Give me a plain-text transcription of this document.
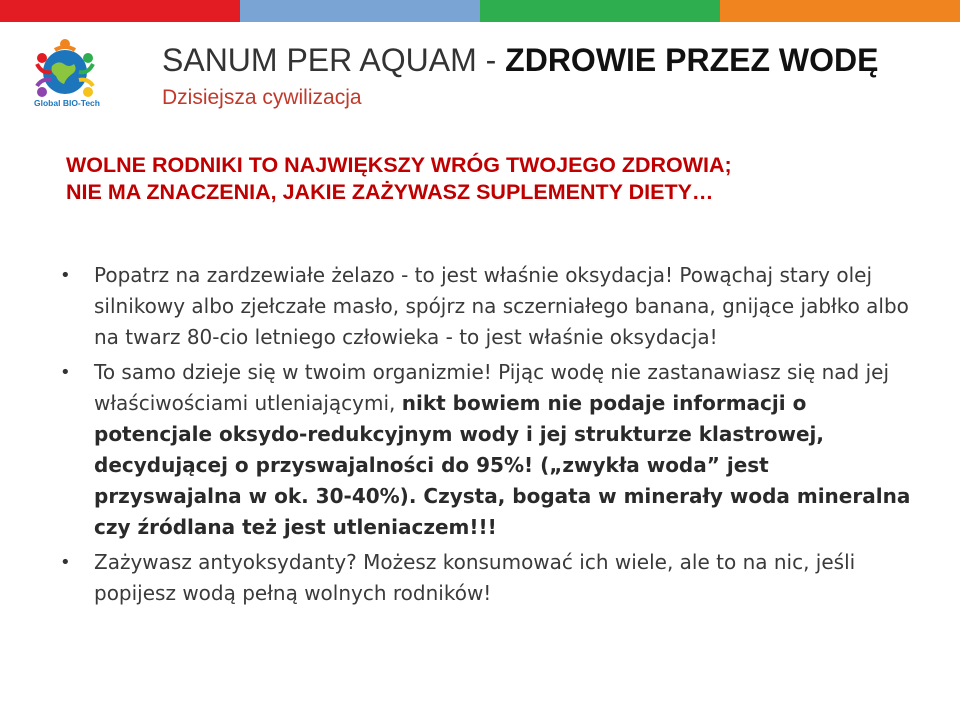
Global BIO-Tech
SANUM PER AQUAM - ZDROWIE PRZEZ WODĘ
Dzisiejsza cywilizacja
WOLNE RODNIKI TO NAJWIĘKSZY WRÓG TWOJEGO ZDROWIA;
NIE MA ZNACZENIA, JAKIE ZAŻYWASZ SUPLEMENTY DIETY…
• Popatrz na zardzewiałe żelazo - to jest właśnie oksydacja! Powąchaj stary olej silnikowy albo zjełczałe masło, spójrz na sczerniałego banana, gnijące jabłko albo na twarz 80-cio letniego człowieka - to jest właśnie oksydacja!
• To samo dzieje się w twoim organizmie! Pijąc wodę nie zastanawiasz się nad jej właściwościami utleniającymi, nikt bowiem nie podaje informacji o potencjale oksydo-redukcyjnym wody i jej strukturze klastrowej, decydującej o przyswajalności do 95%! („zwykła woda” jest przyswajalna w ok. 30-40%). Czysta, bogata w minerały woda mineralna czy źródlana też jest utleniaczem!!!
• Zażywasz antyoksydanty? Możesz konsumować ich wiele, ale to na nic, jeśli popijesz wodą pełną wolnych rodników!
